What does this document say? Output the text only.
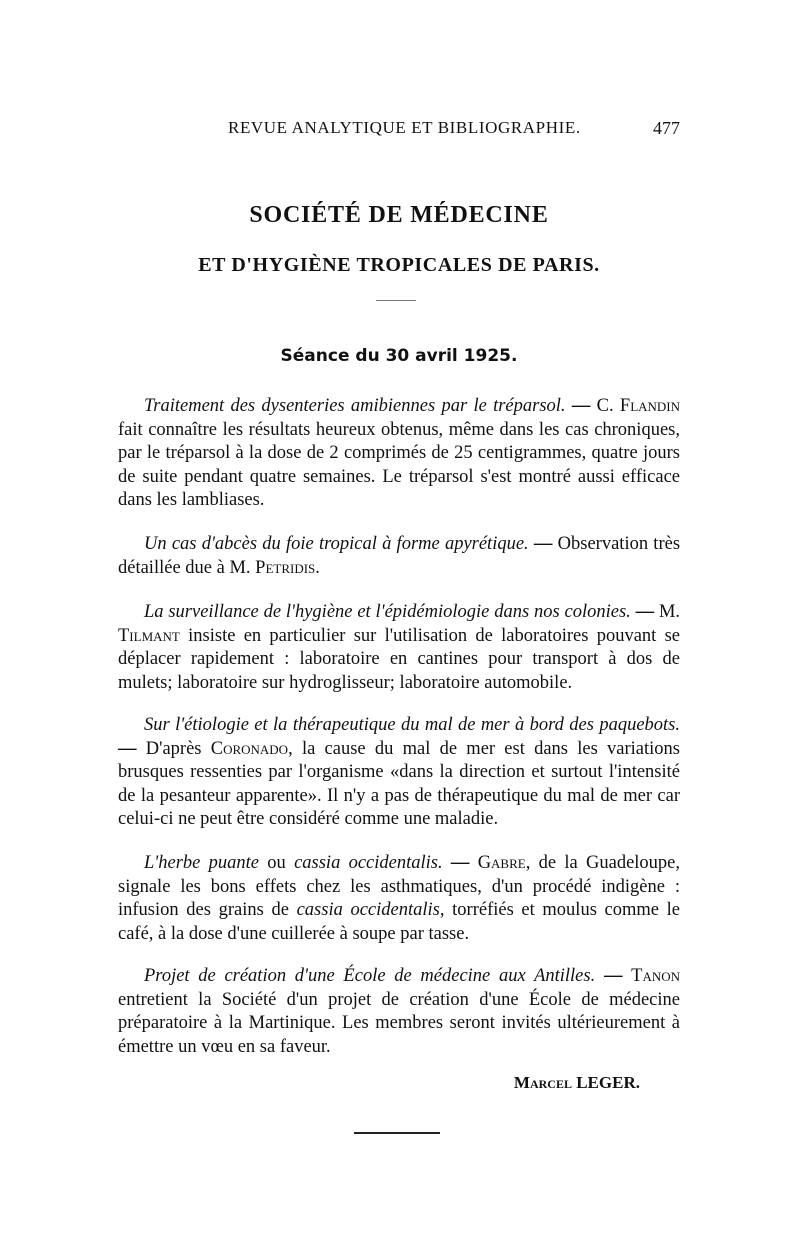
REVUE ANALYTIQUE ET BIBLIOGRAPHIE.	477
SOCIÉTÉ DE MÉDECINE
ET D'HYGIÈNE TROPICALES DE PARIS.
Séance du 30 avril 1925.

Traitement des dysenteries amibiennes par le tréparsol. — C. Flandin fait connaître les résultats heureux obtenus, même dans les cas chroniques, par le tréparsol à la dose de 2 comprimés de 25 centigrammes, quatre jours de suite pendant quatre semaines. Le tréparsol s'est montré aussi efficace dans les lambliases.

Un cas d'abcès du foie tropical à forme apyrétique. — Observation très détaillée due à M. Petridis.

La surveillance de l'hygiène et l'épidémiologie dans nos colonies. — M. Tilmant insiste en particulier sur l'utilisation de laboratoires pouvant se déplacer rapidement : laboratoire en cantines pour transport à dos de mulets; laboratoire sur hydroglisseur; laboratoire automobile.

Sur l'étiologie et la thérapeutique du mal de mer à bord des paquebots. — D'après Coronado, la cause du mal de mer est dans les variations brusques ressenties par l'organisme «dans la direction et surtout l'intensité de la pesanteur apparente». Il n'y a pas de thérapeutique du mal de mer car celui-ci ne peut être considéré comme une maladie.

L'herbe puante ou cassia occidentalis. — Gabre, de la Guadeloupe, signale les bons effets chez les asthmatiques, d'un procédé indigène : infusion des grains de cassia occidentalis, torréfiés et moulus comme le café, à la dose d'une cuillerée à soupe par tasse.

Projet de création d'une École de médecine aux Antilles. — Tanon entretient la Société d'un projet de création d'une École de médecine préparatoire à la Martinique. Les membres seront invités ultérieurement à émettre un vœu en sa faveur.

Marcel LEGER.
